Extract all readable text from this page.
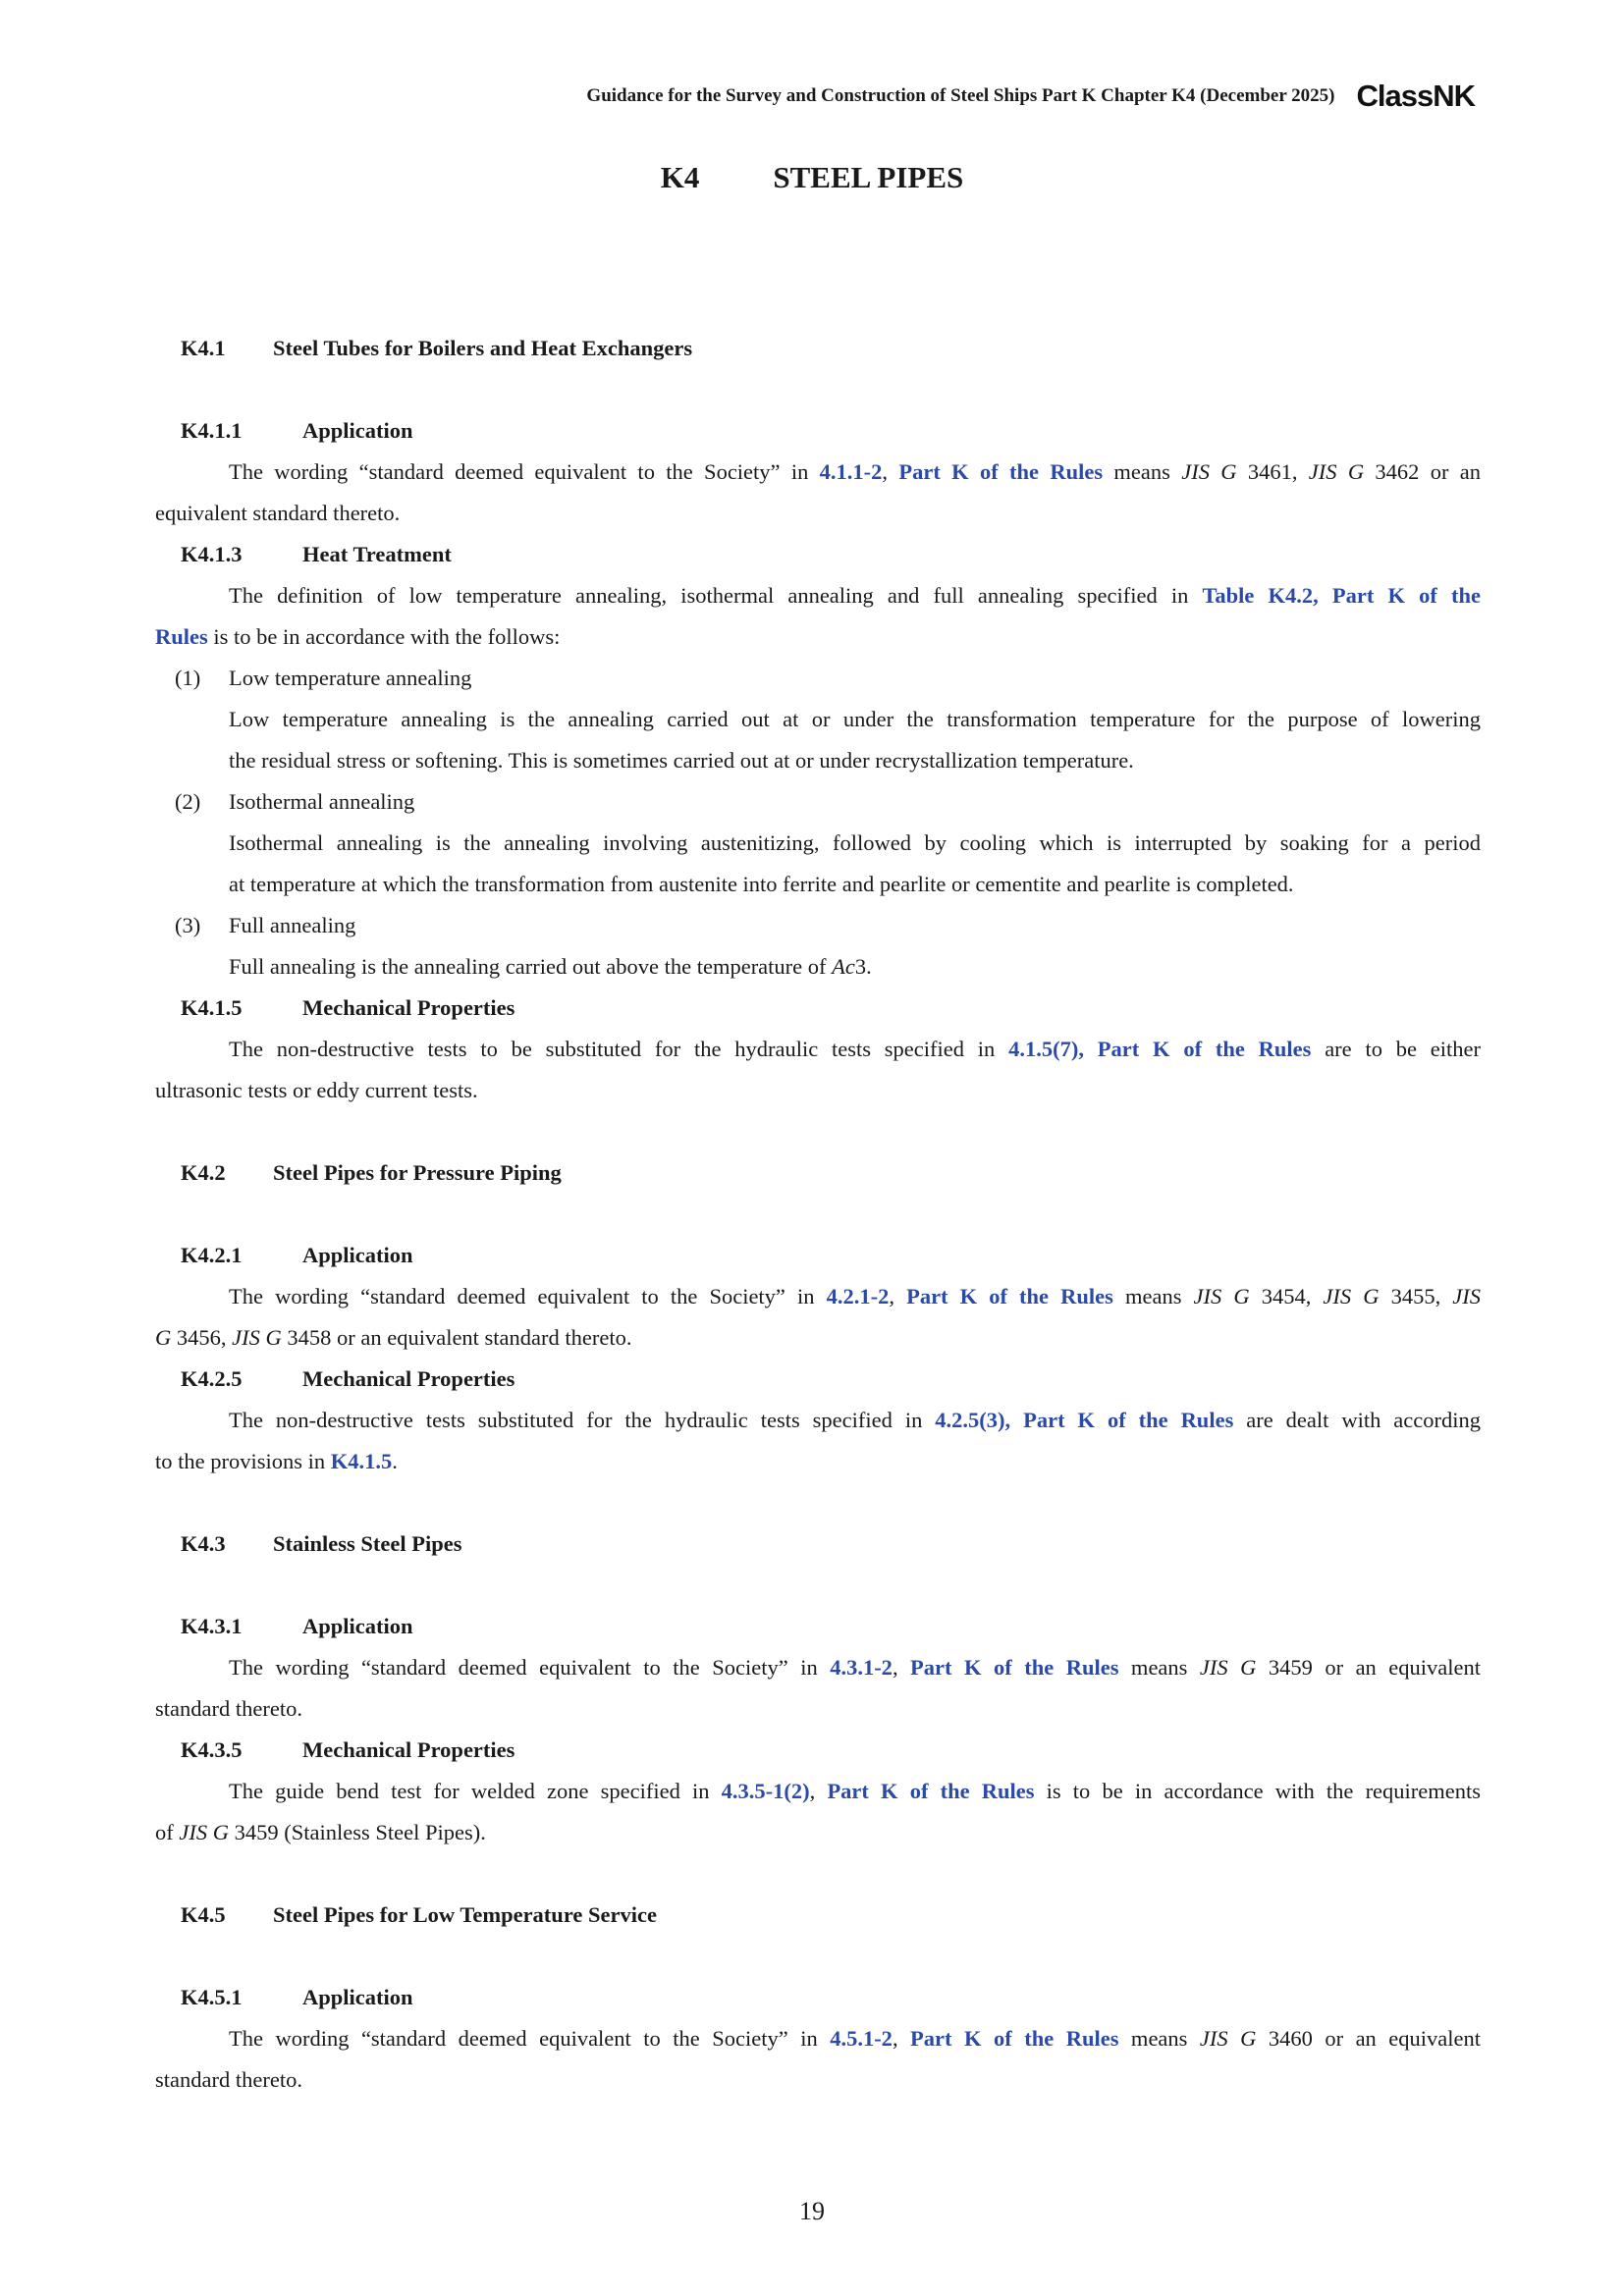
Guidance for the Survey and Construction of Steel Ships Part K Chapter K4 (December 2025) ClassNK
K4 STEEL PIPES
K4.1 Steel Tubes for Boilers and Heat Exchangers
K4.1.1	Application
The wording “standard deemed equivalent to the Society” in 4.1.1-2, Part K of the Rules means JIS G 3461, JIS G 3462 or an
equivalent standard thereto.
K4.1.3	Heat Treatment
The definition of low temperature annealing, isothermal annealing and full annealing specified in Table K4.2, Part K of the
Rules is to be in accordance with the follows:
(1) Low temperature annealing
Low temperature annealing is the annealing carried out at or under the transformation temperature for the purpose of lowering
the residual stress or softening. This is sometimes carried out at or under recrystallization temperature.
(2) Isothermal annealing
Isothermal annealing is the annealing involving austenitizing, followed by cooling which is interrupted by soaking for a period
at temperature at which the transformation from austenite into ferrite and pearlite or cementite and pearlite is completed.
(3) Full annealing
Full annealing is the annealing carried out above the temperature of Ac3.
K4.1.5	Mechanical Properties
The non-destructive tests to be substituted for the hydraulic tests specified in 4.1.5(7), Part K of the Rules are to be either
ultrasonic tests or eddy current tests.
K4.2 Steel Pipes for Pressure Piping
K4.2.1	Application
The wording “standard deemed equivalent to the Society” in 4.2.1-2, Part K of the Rules means JIS G 3454, JIS G 3455, JIS
G 3456, JIS G 3458 or an equivalent standard thereto.
K4.2.5	Mechanical Properties
The non-destructive tests substituted for the hydraulic tests specified in 4.2.5(3), Part K of the Rules are dealt with according
to the provisions in K4.1.5.
K4.3 Stainless Steel Pipes
K4.3.1	Application
The wording “standard deemed equivalent to the Society” in 4.3.1-2, Part K of the Rules means JIS G 3459 or an equivalent
standard thereto.
K4.3.5	Mechanical Properties
The guide bend test for welded zone specified in 4.3.5-1(2), Part K of the Rules is to be in accordance with the requirements
of JIS G 3459 (Stainless Steel Pipes).
K4.5 Steel Pipes for Low Temperature Service
K4.5.1	Application
The wording “standard deemed equivalent to the Society” in 4.5.1-2, Part K of the Rules means JIS G 3460 or an equivalent
standard thereto.
19
